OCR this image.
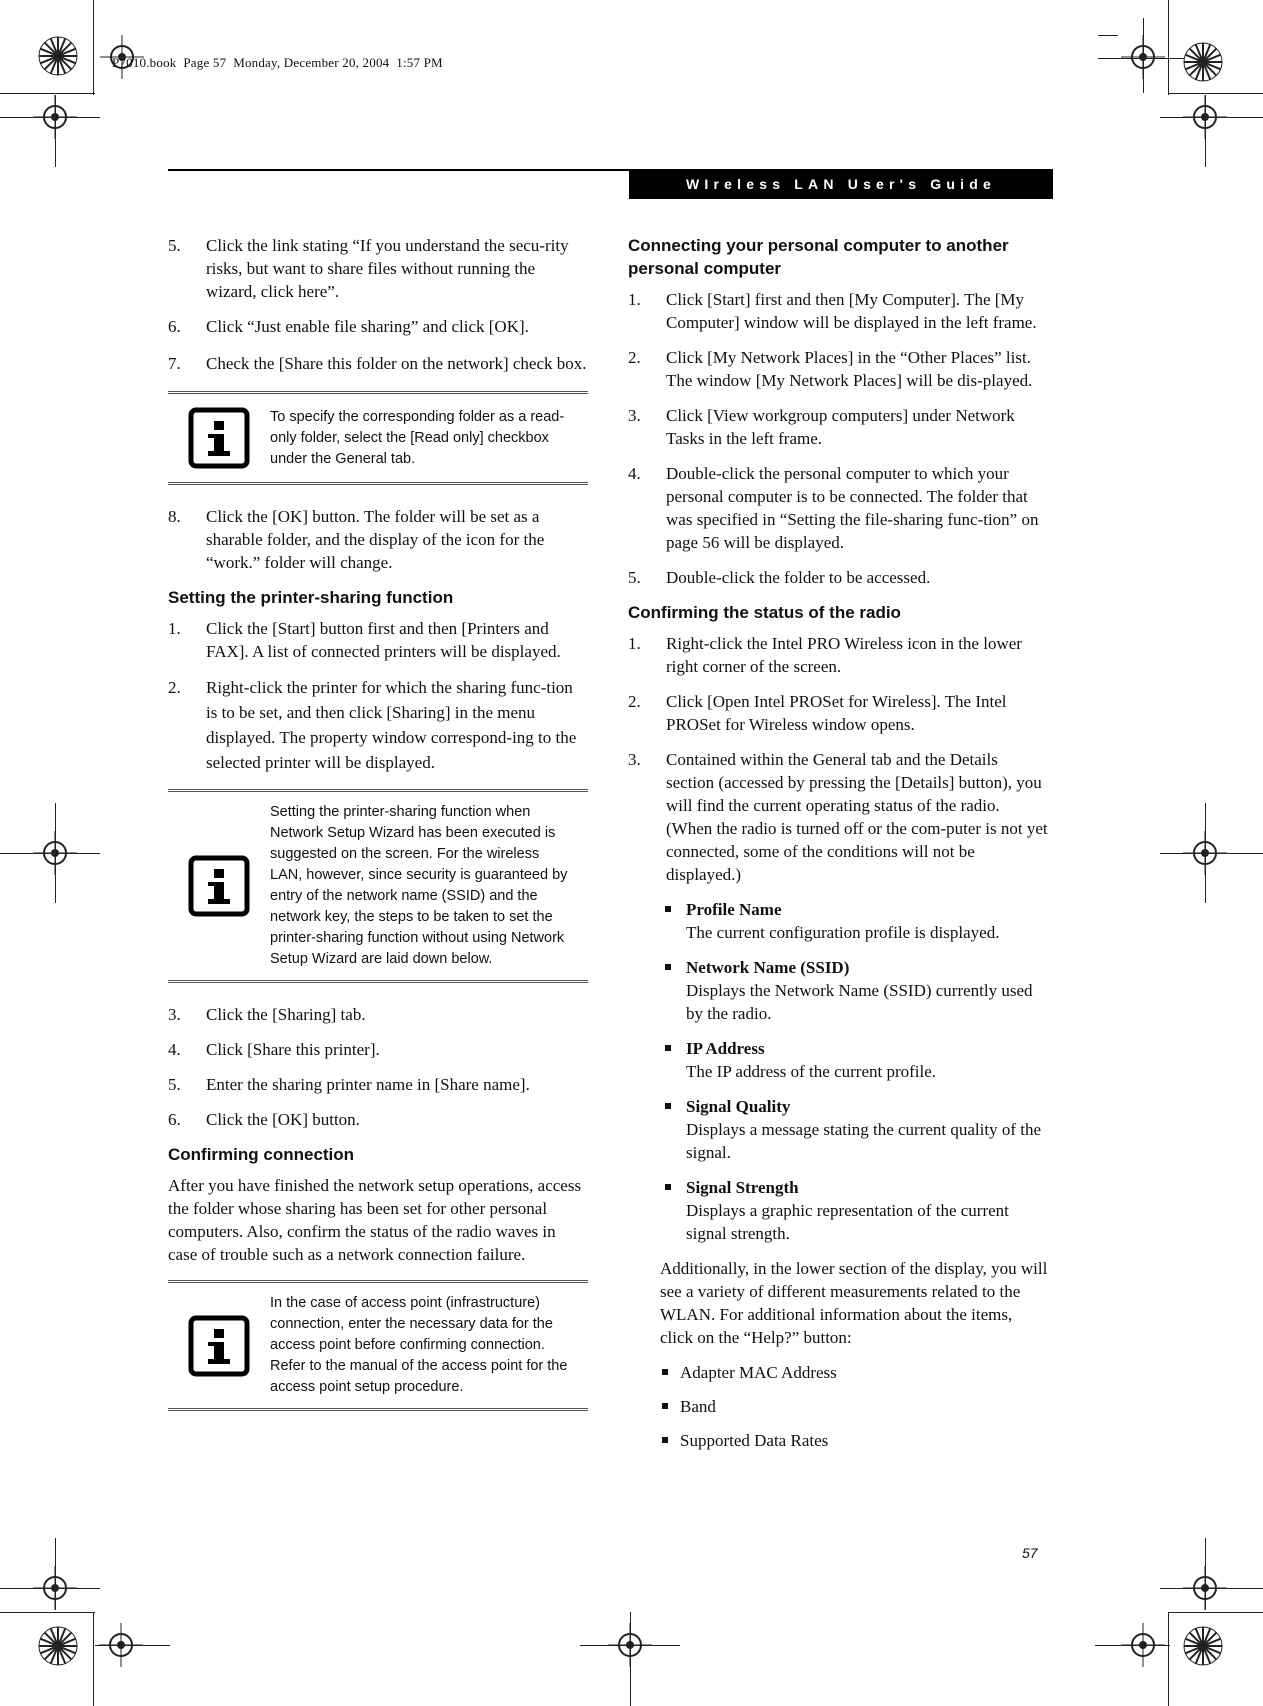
P7010.book  Page 57  Monday, December 20, 2004  1:57 PM
WIreless LAN User's Guide
5. Click the link stating “If you understand the secu-rity risks, but want to share files without running the wizard, click here”.
6. Click “Just enable file sharing” and click [OK].
7. Check the [Share this folder on the network] check box.
To specify the corresponding folder as a read-only folder, select the [Read only] checkbox under the General tab.
8. Click the [OK] button. The folder will be set as a sharable folder, and the display of the icon for the “work.” folder will change.
Setting the printer-sharing function
1. Click the [Start] button first and then [Printers and FAX]. A list of connected printers will be displayed.
2. Right-click the printer for which the sharing func-tion is to be set, and then click [Sharing] in the menu displayed. The property window correspond-ing to the selected printer will be displayed.
Setting the printer-sharing function when Network Setup Wizard has been executed is suggested on the screen. For the wireless LAN, however, since security is guaranteed by entry of the network name (SSID) and the network key, the steps to be taken to set the printer-sharing function without using Network Setup Wizard are laid down below.
3. Click the [Sharing] tab.
4. Click [Share this printer].
5. Enter the sharing printer name in [Share name].
6. Click the [OK] button.
Confirming connection
After you have finished the network setup operations, access the folder whose sharing has been set for other personal computers. Also, confirm the status of the radio waves in case of trouble such as a network connection failure.
In the case of access point (infrastructure) connection, enter the necessary data for the access point before confirming connection. Refer to the manual of the access point for the access point setup procedure.
Connecting your personal computer to another personal computer
1. Click [Start] first and then [My Computer]. The [My Computer] window will be displayed in the left frame.
2. Click [My Network Places] in the “Other Places” list. The window [My Network Places] will be dis-played.
3. Click [View workgroup computers] under Network Tasks in the left frame.
4. Double-click the personal computer to which your personal computer is to be connected. The folder that was specified in “Setting the file-sharing func-tion” on page 56 will be displayed.
5. Double-click the folder to be accessed.
Confirming the status of the radio
1. Right-click the Intel PRO Wireless icon in the lower right corner of the screen.
2. Click [Open Intel PROSet for Wireless]. The Intel PROSet for Wireless window opens.
3. Contained within the General tab and the Details section (accessed by pressing the [Details] button), you will find the current operating status of the radio. (When the radio is turned off or the com-puter is not yet connected, some of the conditions will not be displayed.)
Profile Name
The current configuration profile is displayed.
Network Name (SSID)
Displays the Network Name (SSID) currently used by the radio.
IP Address
The IP address of the current profile.
Signal Quality
Displays a message stating the current quality of the signal.
Signal Strength
Displays a graphic representation of the current signal strength.
Additionally, in the lower section of the display, you will see a variety of different measurements related to the WLAN. For additional information about the items, click on the “Help?” button:
Adapter MAC Address
Band
Supported Data Rates
57
